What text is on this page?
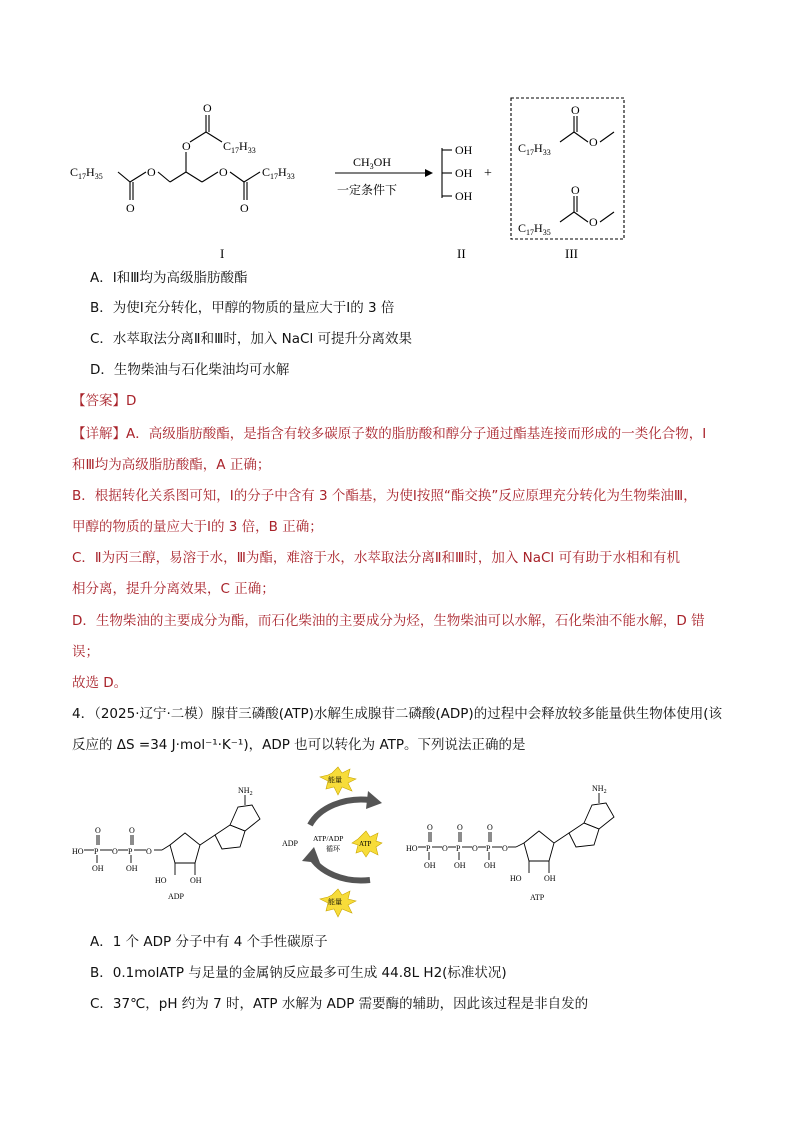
$C_{17}H_{35}$
O
O
O
O
$C_{17}H_{33}$
O
O
$C_{17}H_{33}$
I
$CH_3OH$
一定条件下
OH
OH
OH
II
+
$C_{17}H_{33}$
O
O
$C_{17}H_{35}$
O
O
III
A．Ⅰ和Ⅲ均为高级脂肪酸酯
B．为使Ⅰ充分转化，甲醇的物质的量应大于Ⅰ的 3 倍
C．水萃取法分离Ⅱ和Ⅲ时，加入 NaCl 可提升分离效果
D．生物柴油与石化柴油均可水解
【答案】D
【详解】A．高级脂肪酸酯，是指含有较多碳原子数的脂肪酸和醇分子通过酯基连接而形成的一类化合物，Ⅰ
和Ⅲ均为高级脂肪酸酯，A 正确；
B．根据转化关系图可知，Ⅰ的分子中含有 3 个酯基，为使Ⅰ按照“酯交换”反应原理充分转化为生物柴油Ⅲ，
甲醇的物质的量应大于Ⅰ的 3 倍，B 正确；
C．Ⅱ为丙三醇，易溶于水，Ⅲ为酯，难溶于水，水萃取法分离Ⅱ和Ⅲ时，加入 NaCl 可有助于水相和有机
相分离，提升分离效果，C 正确；
D．生物柴油的主要成分为酯，而石化柴油的主要成分为烃，生物柴油可以水解，石化柴油不能水解，D 错
误；
故选 D。
4．（2025·辽宁·二模）腺苷三磷酸(ATP)水解生成腺苷二磷酸(ADP)的过程中会释放较多能量供生物体使用(该
反应的 ΔS =34 J·mol⁻¹·K⁻¹)，ADP 也可以转化为 ATP。下列说法正确的是
HO P O P O
O	O
OH	OH
HO	OH
$NH_2$
ADP
能量
能量
ATP
ADP
ATP/ADP
循环	HO P O P O P O
O	O	O
OH OH OH
HO	OH
$NH_2$
ATP
A．1 个 ADP 分子中有 4 个手性碳原子
B．0.1molATP 与足量的金属钠反应最多可生成 44.8L H2(标准状况)
C．37℃，pH 约为 7 时，ATP 水解为 ADP 需要酶的辅助，因此该过程是非自发的
